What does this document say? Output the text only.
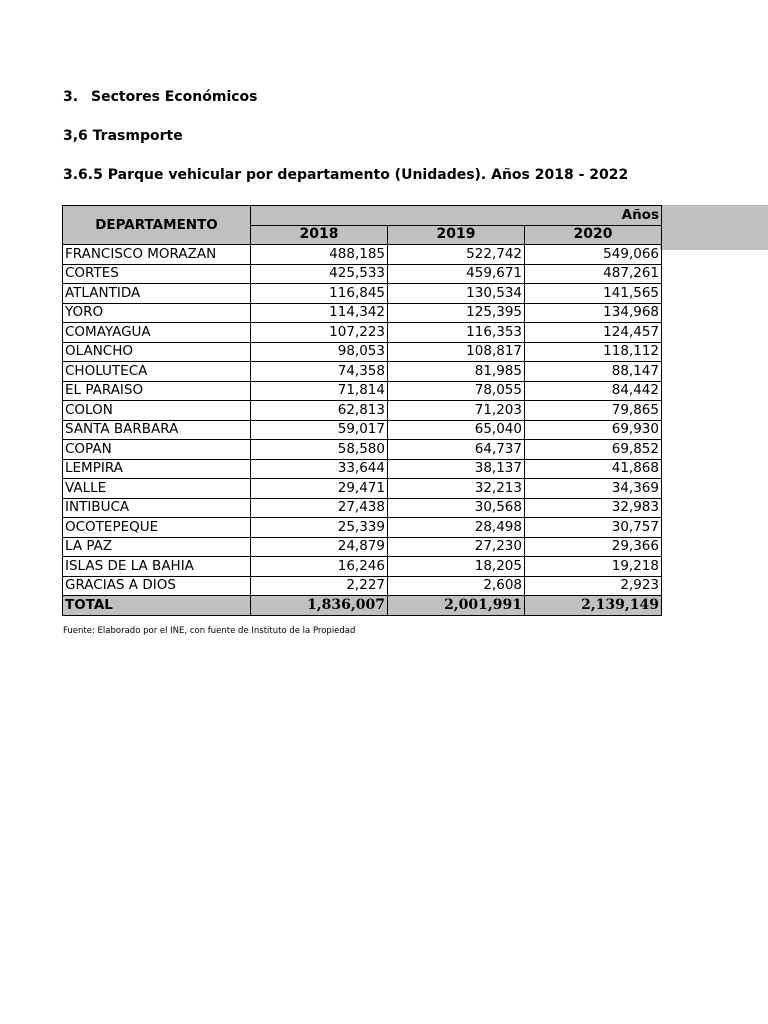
3. Sectores Económicos
3,6 Trasmporte
3.6.5 Parque vehicular por departamento (Unidades). Años 2018 - 2022
DEPARTAMENTO	Años		
	2018	2019	2020
FRANCISCO MORAZAN	488,185	522,742	549,066
CORTES	425,533	459,671	487,261
ATLANTIDA	116,845	130,534	141,565
YORO	114,342	125,395	134,968
COMAYAGUA	107,223	116,353	124,457
OLANCHO	98,053	108,817	118,112
CHOLUTECA	74,358	81,985	88,147
EL PARAISO	71,814	78,055	84,442
COLON	62,813	71,203	79,865
SANTA BARBARA	59,017	65,040	69,930
COPAN	58,580	64,737	69,852
LEMPIRA	33,644	38,137	41,868
VALLE	29,471	32,213	34,369
INTIBUCA	27,438	30,568	32,983
OCOTEPEQUE	25,339	28,498	30,757
LA PAZ	24,879	27,230	29,366
ISLAS DE LA BAHIA	16,246	18,205	19,218
GRACIAS A DIOS	2,227	2,608	2,923
TOTAL	1,836,007	2,001,991	2,139,149
Fuente: Elaborado por el INE, con fuente de Instituto de la Propiedad
